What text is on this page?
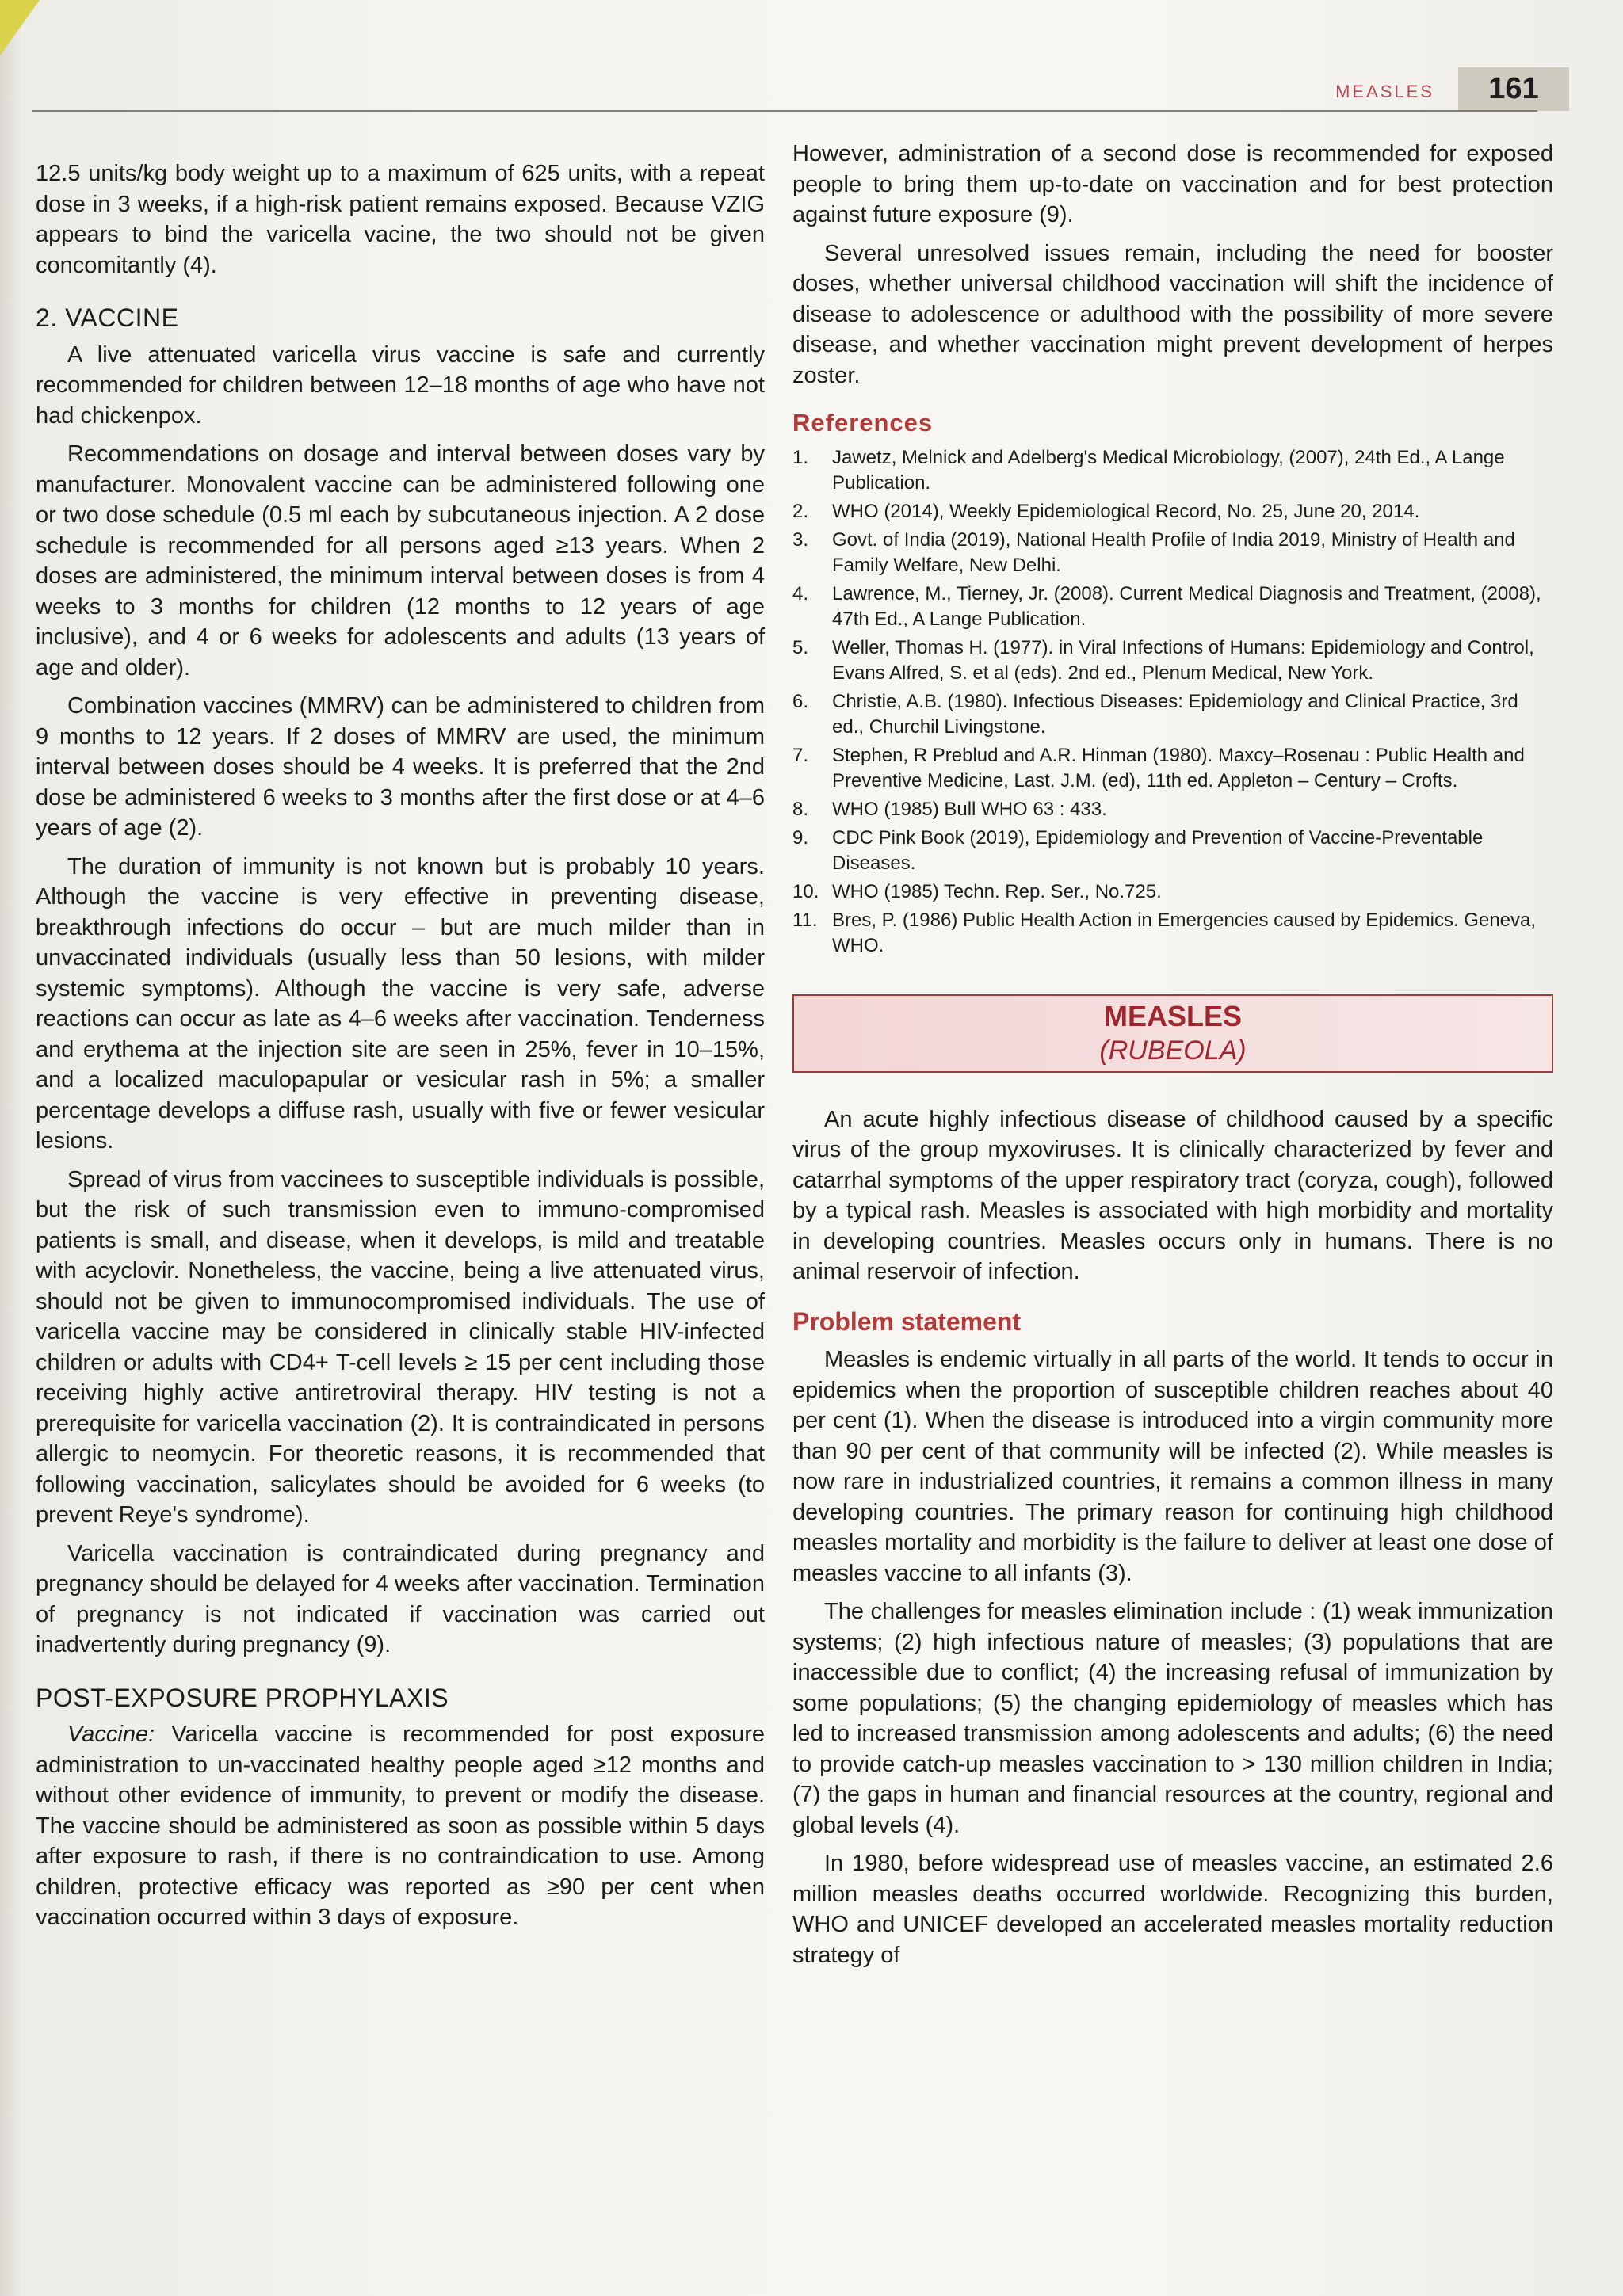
MEASLES	161

12.5 units/kg body weight up to a maximum of 625 units, with a repeat dose in 3 weeks, if a high-risk patient remains exposed. Because VZIG appears to bind the varicella vacine, the two should not be given concomitantly (4).

2. VACCINE

A live attenuated varicella virus vaccine is safe and currently recommended for children between 12–18 months of age who have not had chickenpox.

Recommendations on dosage and interval between doses vary by manufacturer. Monovalent vaccine can be administered following one or two dose schedule (0.5 ml each by subcutaneous injection. A 2 dose schedule is recommended for all persons aged ≥13 years. When 2 doses are administered, the minimum interval between doses is from 4 weeks to 3 months for children (12 months to 12 years of age inclusive), and 4 or 6 weeks for adolescents and adults (13 years of age and older).

Combination vaccines (MMRV) can be administered to children from 9 months to 12 years. If 2 doses of MMRV are used, the minimum interval between doses should be 4 weeks. It is preferred that the 2nd dose be administered 6 weeks to 3 months after the first dose or at 4–6 years of age (2).

The duration of immunity is not known but is probably 10 years. Although the vaccine is very effective in preventing disease, breakthrough infections do occur – but are much milder than in unvaccinated individuals (usually less than 50 lesions, with milder systemic symptoms). Although the vaccine is very safe, adverse reactions can occur as late as 4–6 weeks after vaccination. Tenderness and erythema at the injection site are seen in 25%, fever in 10–15%, and a localized maculopapular or vesicular rash in 5%; a smaller percentage develops a diffuse rash, usually with five or fewer vesicular lesions.

Spread of virus from vaccinees to susceptible individuals is possible, but the risk of such transmission even to immuno-compromised patients is small, and disease, when it develops, is mild and treatable with acyclovir. Nonetheless, the vaccine, being a live attenuated virus, should not be given to immunocompromised individuals. The use of varicella vaccine may be considered in clinically stable HIV-infected children or adults with CD4+ T-cell levels ≥ 15 per cent including those receiving highly active antiretroviral therapy. HIV testing is not a prerequisite for varicella vaccination (2). It is contraindicated in persons allergic to neomycin. For theoretic reasons, it is recommended that following vaccination, salicylates should be avoided for 6 weeks (to prevent Reye's syndrome).

Varicella vaccination is contraindicated during pregnancy and pregnancy should be delayed for 4 weeks after vaccination. Termination of pregnancy is not indicated if vaccination was carried out inadvertently during pregnancy (9).

POST-EXPOSURE PROPHYLAXIS

Vaccine: Varicella vaccine is recommended for post exposure administration to un-vaccinated healthy people aged ≥12 months and without other evidence of immunity, to prevent or modify the disease. The vaccine should be administered as soon as possible within 5 days after exposure to rash, if there is no contraindication to use. Among children, protective efficacy was reported as ≥90 per cent when vaccination occurred within 3 days of exposure.

However, administration of a second dose is recommended for exposed people to bring them up-to-date on vaccination and for best protection against future exposure (9).

Several unresolved issues remain, including the need for booster doses, whether universal childhood vaccination will shift the incidence of disease to adolescence or adulthood with the possibility of more severe disease, and whether vaccination might prevent development of herpes zoster.

References
1.	Jawetz, Melnick and Adelberg's Medical Microbiology, (2007), 24th Ed., A Lange Publication.
2.	WHO (2014), Weekly Epidemiological Record, No. 25, June 20, 2014.
3.	Govt. of India (2019), National Health Profile of India 2019, Ministry of Health and Family Welfare, New Delhi.
4.	Lawrence, M., Tierney, Jr. (2008). Current Medical Diagnosis and Treatment, (2008), 47th Ed., A Lange Publication.
5.	Weller, Thomas H. (1977). in Viral Infections of Humans: Epidemiology and Control, Evans Alfred, S. et al (eds). 2nd ed., Plenum Medical, New York.
6.	Christie, A.B. (1980). Infectious Diseases: Epidemiology and Clinical Practice, 3rd ed., Churchil Livingstone.
7.	Stephen, R Preblud and A.R. Hinman (1980). Maxcy–Rosenau : Public Health and Preventive Medicine, Last. J.M. (ed), 11th ed. Appleton – Century – Crofts.
8.	WHO (1985) Bull WHO 63 : 433.
9.	CDC Pink Book (2019), Epidemiology and Prevention of Vaccine-Preventable Diseases.
10. WHO (1985) Techn. Rep. Ser., No.725.
11. Bres, P. (1986) Public Health Action in Emergencies caused by Epidemics. Geneva, WHO.
MEASLES
(RUBEOLA)

An acute highly infectious disease of childhood caused by a specific virus of the group myxoviruses. It is clinically characterized by fever and catarrhal symptoms of the upper respiratory tract (coryza, cough), followed by a typical rash. Measles is associated with high morbidity and mortality in developing countries. Measles occurs only in humans. There is no animal reservoir of infection.

Problem statement

Measles is endemic virtually in all parts of the world. It tends to occur in epidemics when the proportion of susceptible children reaches about 40 per cent (1). When the disease is introduced into a virgin community more than 90 per cent of that community will be infected (2). While measles is now rare in industrialized countries, it remains a common illness in many developing countries. The primary reason for continuing high childhood measles mortality and morbidity is the failure to deliver at least one dose of measles vaccine to all infants (3).

The challenges for measles elimination include : (1) weak immunization systems; (2) high infectious nature of measles; (3) populations that are inaccessible due to conflict; (4) the increasing refusal of immunization by some populations; (5) the changing epidemiology of measles which has led to increased transmission among adolescents and adults; (6) the need to provide catch-up measles vaccination to > 130 million children in India; (7) the gaps in human and financial resources at the country, regional and global levels (4).

In 1980, before widespread use of measles vaccine, an estimated 2.6 million measles deaths occurred worldwide. Recognizing this burden, WHO and UNICEF developed an accelerated measles mortality reduction strategy of
